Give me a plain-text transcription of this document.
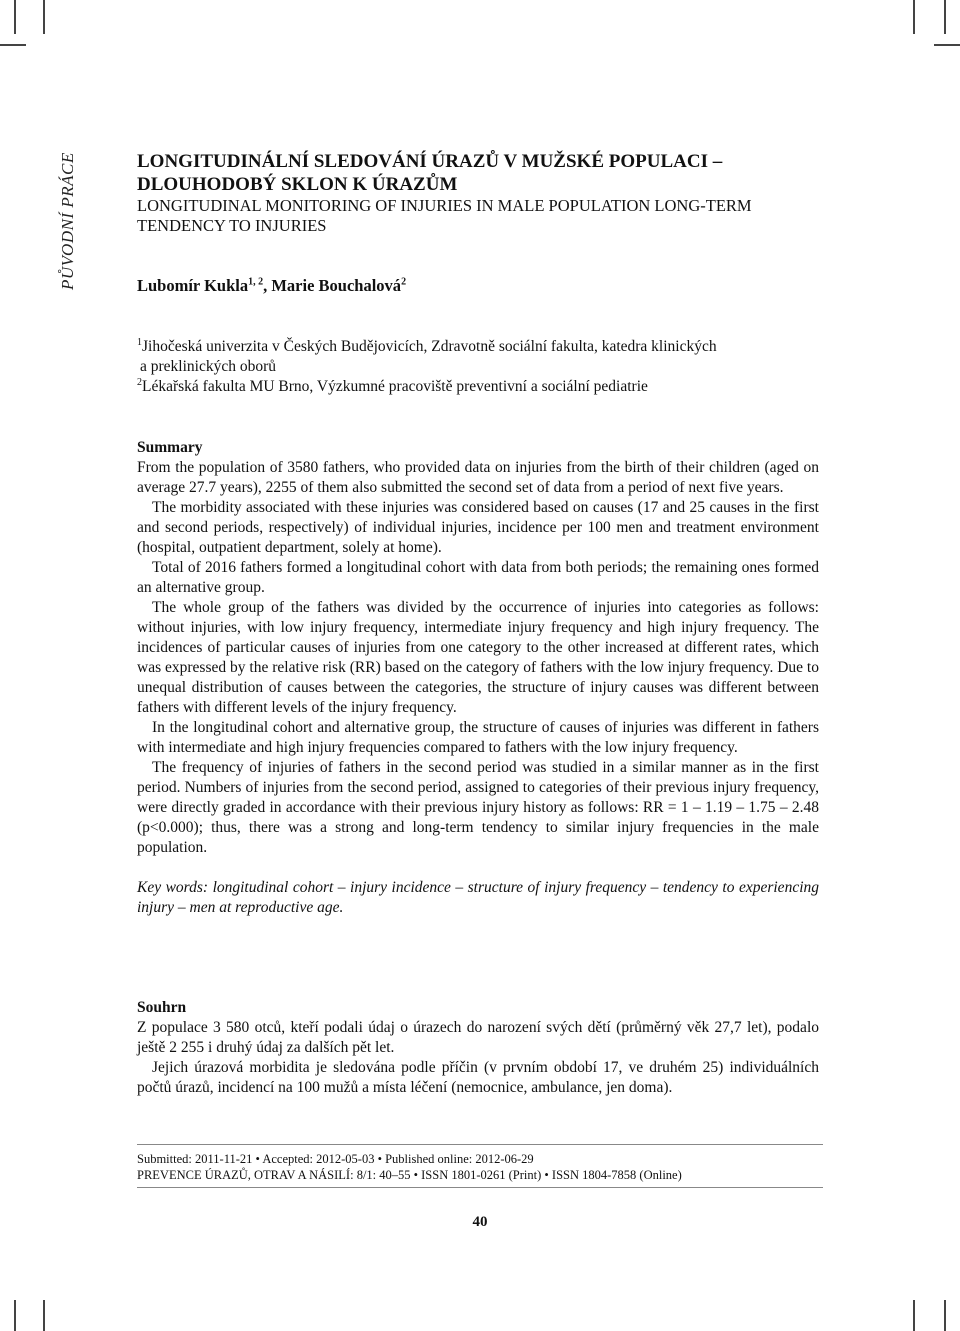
PŮVODNÍ PRÁCE	LONGITUDINÁLNÍ SLEDOVÁNÍ ÚRAZŮ V MUŽSKÉ POPULACI –

DLOUHODOBÝ SKLON K ÚRAZŮM

LONGITUDINAL MONITORING OF INJURIES IN MALE POPULATION LONG-TERM

TENDENCY TO INJURIES

Lubomír Kukla$^{1, 2}$, Marie Bouchalová$^2$

$^1$Jihočeská univerzita v Českých Budějovicích, Zdravotně sociální fakulta, katedra klinických

a preklinických oborů

$^2$Lékařská fakulta MU Brno, Výzkumné pracoviště preventivní a sociální pediatrie

Summary

From the population of 3580 fathers, who provided data on injuries from the birth of their children (aged on average 27.7 years), 2255 of them also submitted the second set of data from a period of next five years.

The morbidity associated with these injuries was considered based on causes (17 and 25 causes in the first and second periods, respectively) of individual injuries, incidence per 100 men and treatment environment (hospital, outpatient department, solely at home).

Total of 2016 fathers formed a longitudinal cohort with data from both periods; the remaining ones formed an alternative group.

The whole group of the fathers was divided by the occurrence of injuries into categories as follows: without injuries, with low injury frequency, intermediate injury frequency and high injury frequency. The incidences of particular causes of injuries from one category to the other increased at different rates, which was expressed by the relative risk (RR) based on the category of fathers with the low injury frequency. Due to unequal distribution of causes between the categories, the structure of injury causes was different between fathers with different levels of the injury frequency.

In the longitudinal cohort and alternative group, the structure of causes of injuries was different in fathers with intermediate and high injury frequencies compared to fathers with the low injury frequency.

The frequency of injuries of fathers in the second period was studied in a similar manner as in the first period. Numbers of injuries from the second period, assigned to categories of their previous injury frequency, were directly graded in accordance with their previous injury history as follows: RR = 1 – 1.19 – 1.75 – 2.48 (p<0.000); thus, there was a strong and long-term tendency to similar injury frequencies in the male population.

Key words: longitudinal cohort – injury incidence – structure of injury frequency – tendency to experiencing injury – men at reproductive age.

Souhrn

Z populace 3 580 otců, kteří podali údaj o úrazech do narození svých dětí (průměrný věk 27,7 let), podalo ještě 2 255 i druhý údaj za dalších pět let.

Jejich úrazová morbidita je sledována podle příčin (v prvním období 17, ve druhém 25) individuálních počtů úrazů, incidencí na 100 mužů a místa léčení (nemocnice, ambulance, jen doma).

Submitted: 2011-11-21 • Accepted: 2012-05-03 • Published online: 2012-06-29

PREVENCE ÚRAZŮ, OTRAV A NÁSILÍ: 8/1: 40–55 • ISSN 1801-0261 (Print) • ISSN 1804-7858 (Online)

40
